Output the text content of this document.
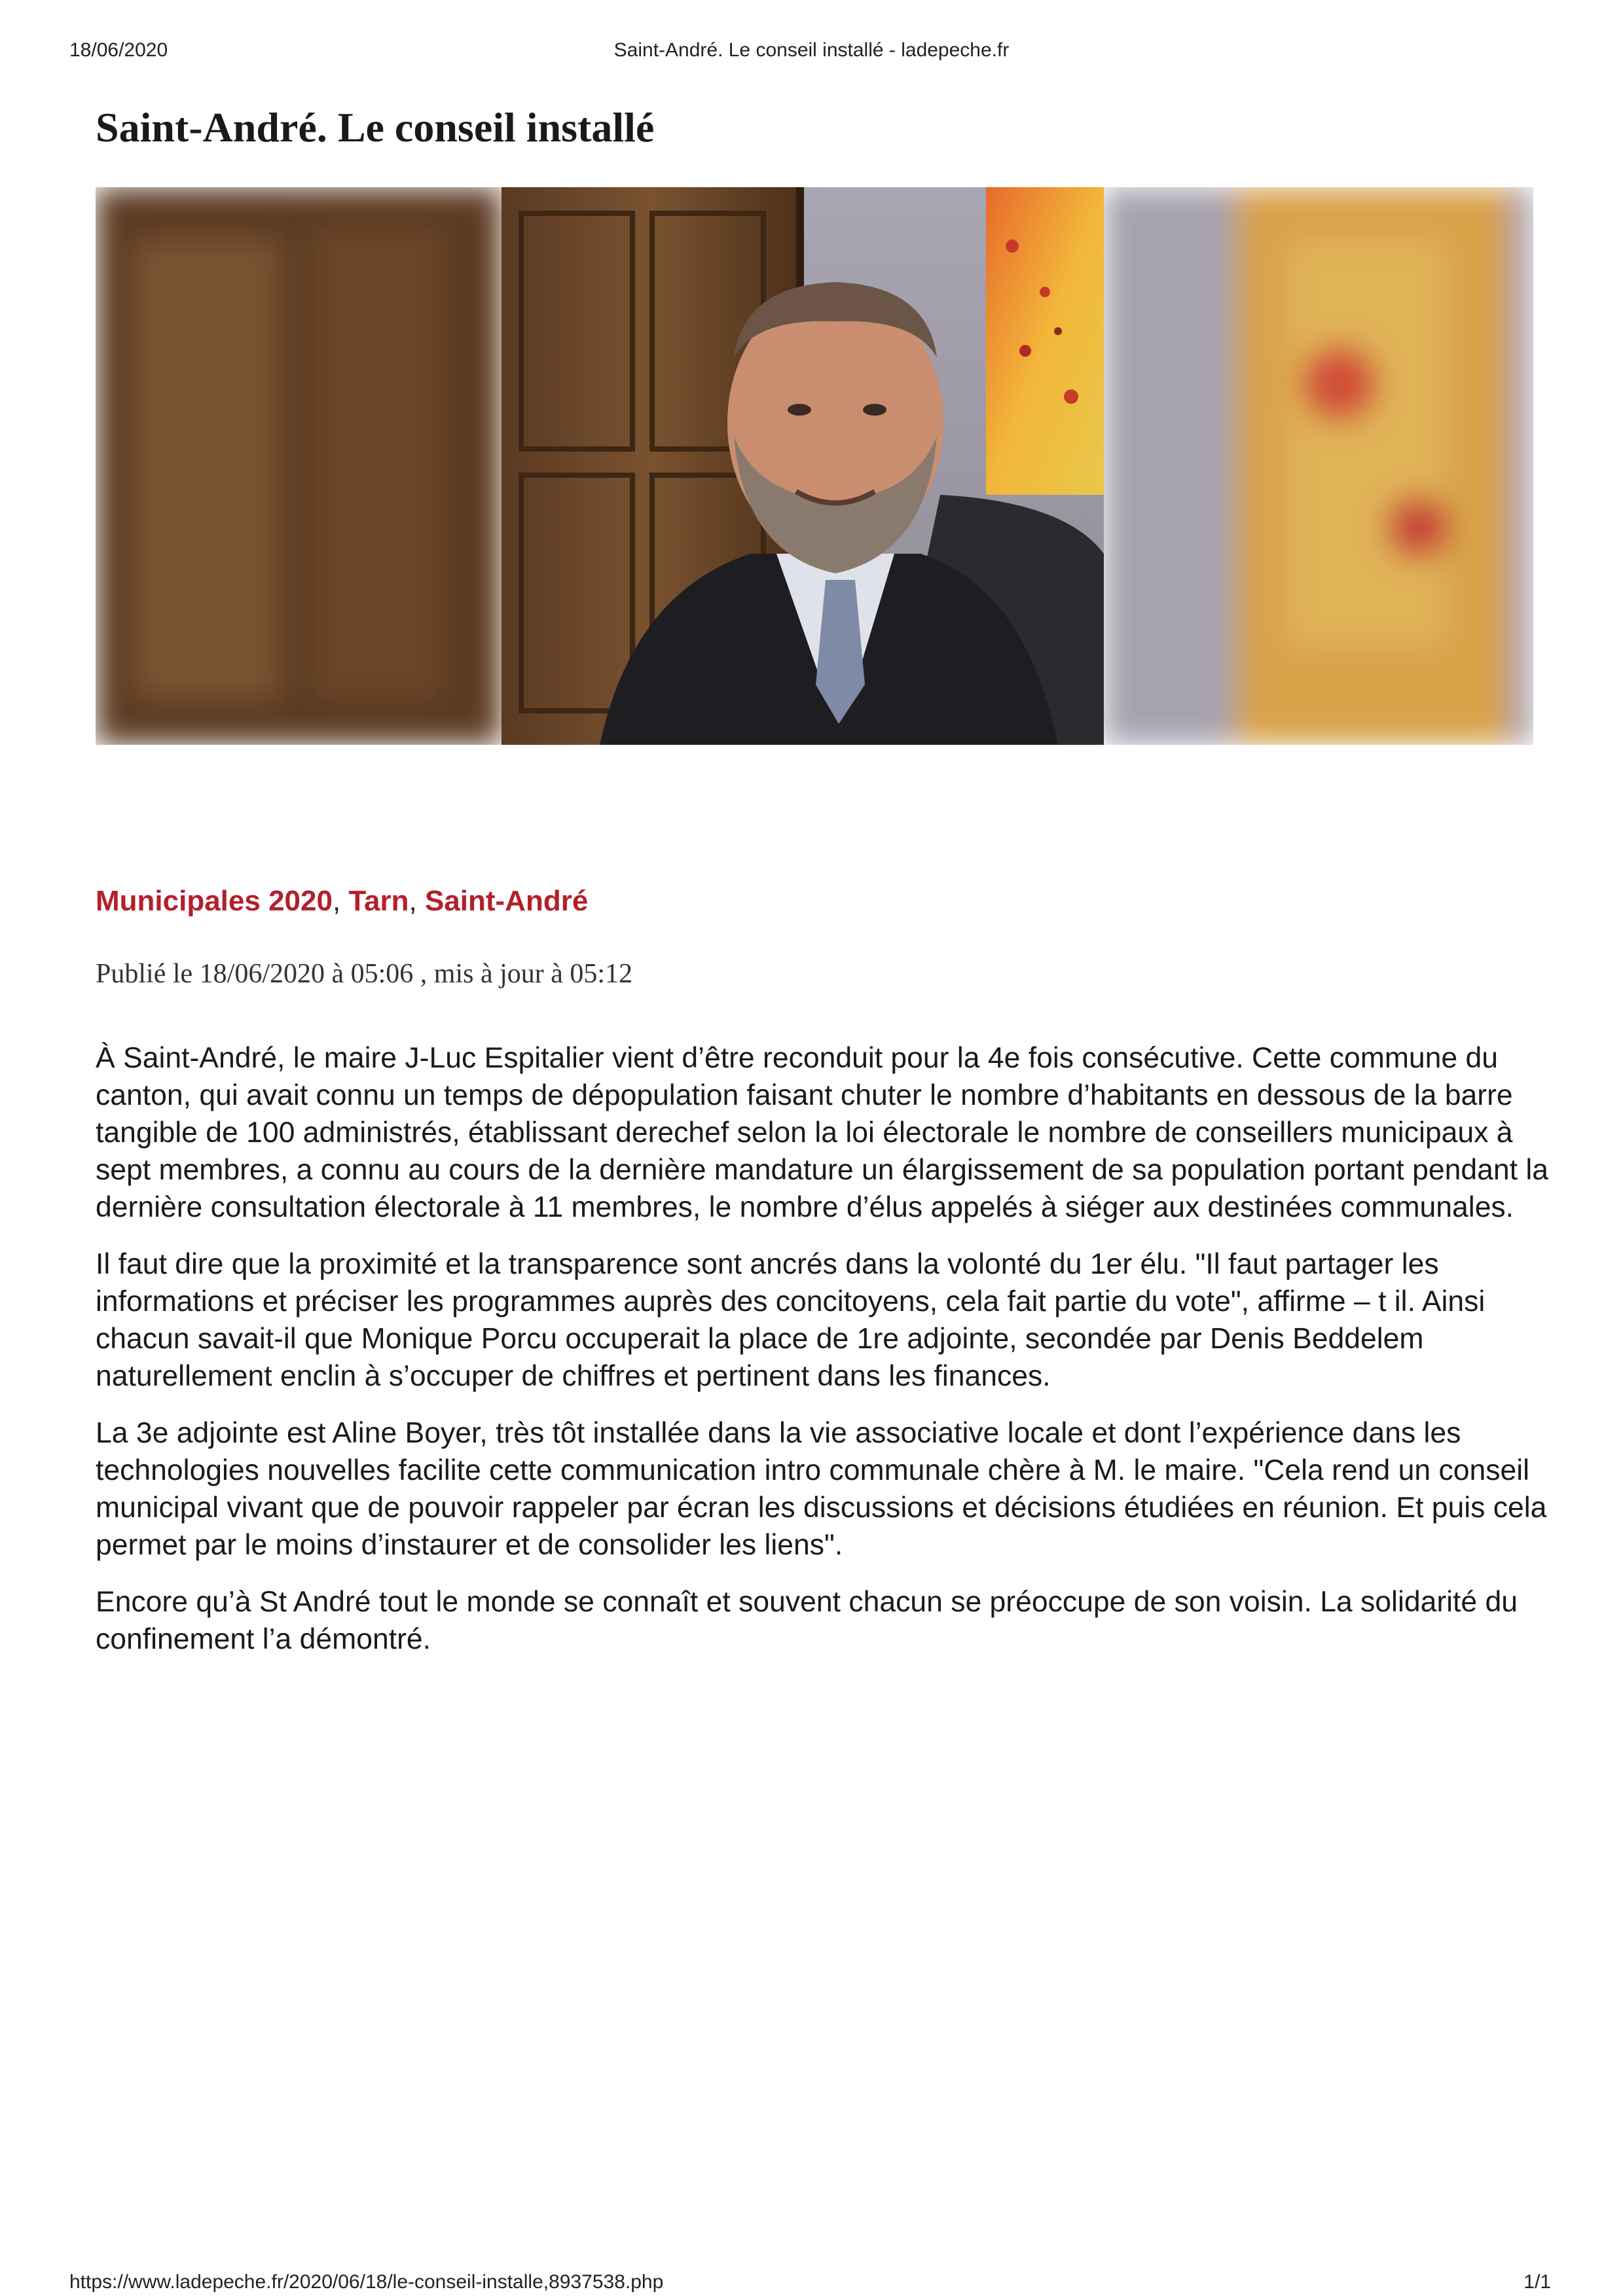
18/06/2020	Saint-André. Le conseil installé - ladepeche.fr
Saint-André. Le conseil installé
Municipales 2020, Tarn, Saint-André
Publié le 18/06/2020 à 05:06 , mis à jour à 05:12

À Saint-André, le maire J-Luc Espitalier vient d’être reconduit pour la 4e fois consécutive. Cette commune du canton, qui avait connu un temps de dépopulation faisant chuter le nombre d’habitants en dessous de la barre tangible de 100 administrés, établissant derechef selon la loi électorale le nombre de conseillers municipaux à sept membres, a connu au cours de la dernière mandature un élargissement de sa population portant pendant la dernière consultation électorale à 11 membres, le nombre d’élus appelés à siéger aux destinées communales.

Il faut dire que la proximité et la transparence sont ancrés dans la volonté du 1er élu. "Il faut partager les informations et préciser les programmes auprès des concitoyens, cela fait partie du vote", affirme – t il. Ainsi chacun savait-il que Monique Porcu occuperait la place de 1re adjointe, secondée par Denis Beddelem naturellement enclin à s’occuper de chiffres et pertinent dans les finances.

La 3e adjointe est Aline Boyer, très tôt installée dans la vie associative locale et dont l’expérience dans les technologies nouvelles facilite cette communication intro communale chère à M. le maire. "Cela rend un conseil municipal vivant que de pouvoir rappeler par écran les discussions et décisions étudiées en réunion. Et puis cela permet par le moins d’instaurer et de consolider les liens".

Encore qu’à St André tout le monde se connaît et souvent chacun se préoccupe de son voisin. La solidarité du confinement l’a démontré.

https://www.ladepeche.fr/2020/06/18/le-conseil-installe,8937538.php	1/1
